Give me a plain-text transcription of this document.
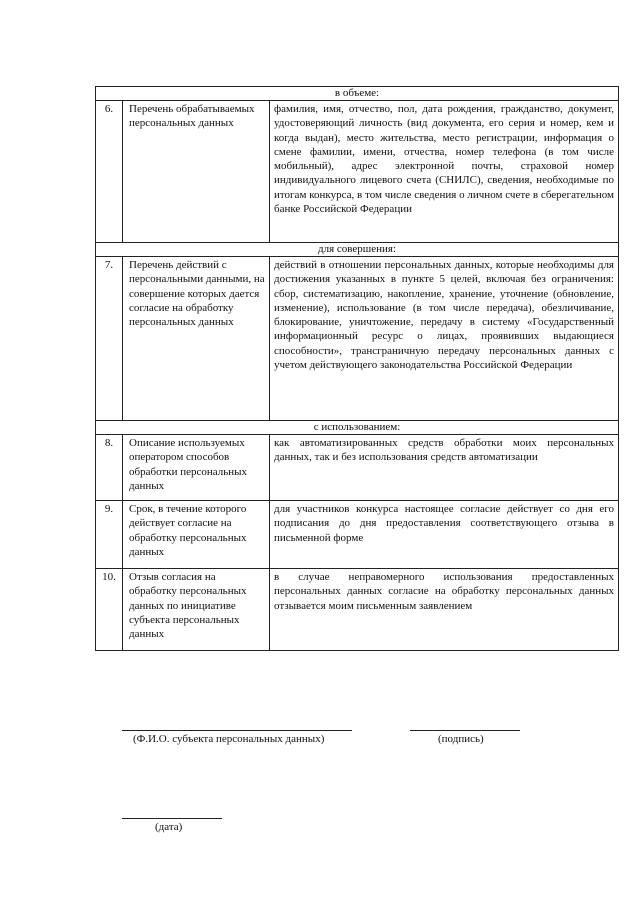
в объеме:		
6.	Перечень обрабатываемых персональных данных	фамилия, имя, отчество, пол, дата рождения, гражданство, документ, удостоверяющий личность (вид документа, его серия и номер, кем и когда выдан), место жительства, место регистрации, информация о смене фамилии, имени, отчества, номер телефона (в том числе мобильный), адрес электронной почты, страховой номер индивидуального лицевого счета (СНИЛС), сведения, необходимые по итогам конкурса, в том числе сведения о личном счете в сберегательном банке Российской Федерации
для совершения:		
7.	Перечень действий с персональными данными, на совершение которых дается согласие на обработку персональных данных	действий в отношении персональных данных, которые необходимы для достижения указанных в пункте 5 целей, включая без ограничения: сбор, систематизацию, накопление, хранение, уточнение (обновление, изменение), использование (в том числе передача), обезличивание, блокирование, уничтожение, передачу в систему «Государственный информационный ресурс о лицах, проявивших выдающиеся способности», трансграничную передачу персональных данных с учетом действующего законодательства Российской Федерации
с использованием:		
8.	Описание используемых оператором способов обработки персональных данных	как автоматизированных средств обработки моих персональных данных, так и без использования средств автоматизации
9.	Срок, в течение которого действует согласие на обработку персональных данных	для участников конкурса настоящее согласие действует со дня его подписания до дня предоставления соответствующего отзыва в письменной форме
10.	Отзыв согласия на обработку персональных данных по инициативе субъекта персональных данных	в случае неправомерного использования предоставленных персональных данных согласие на обработку персональных данных отзывается моим письменным заявлением
(Ф.И.О. субъекта персональных данных)	(подпись)
(дата)
